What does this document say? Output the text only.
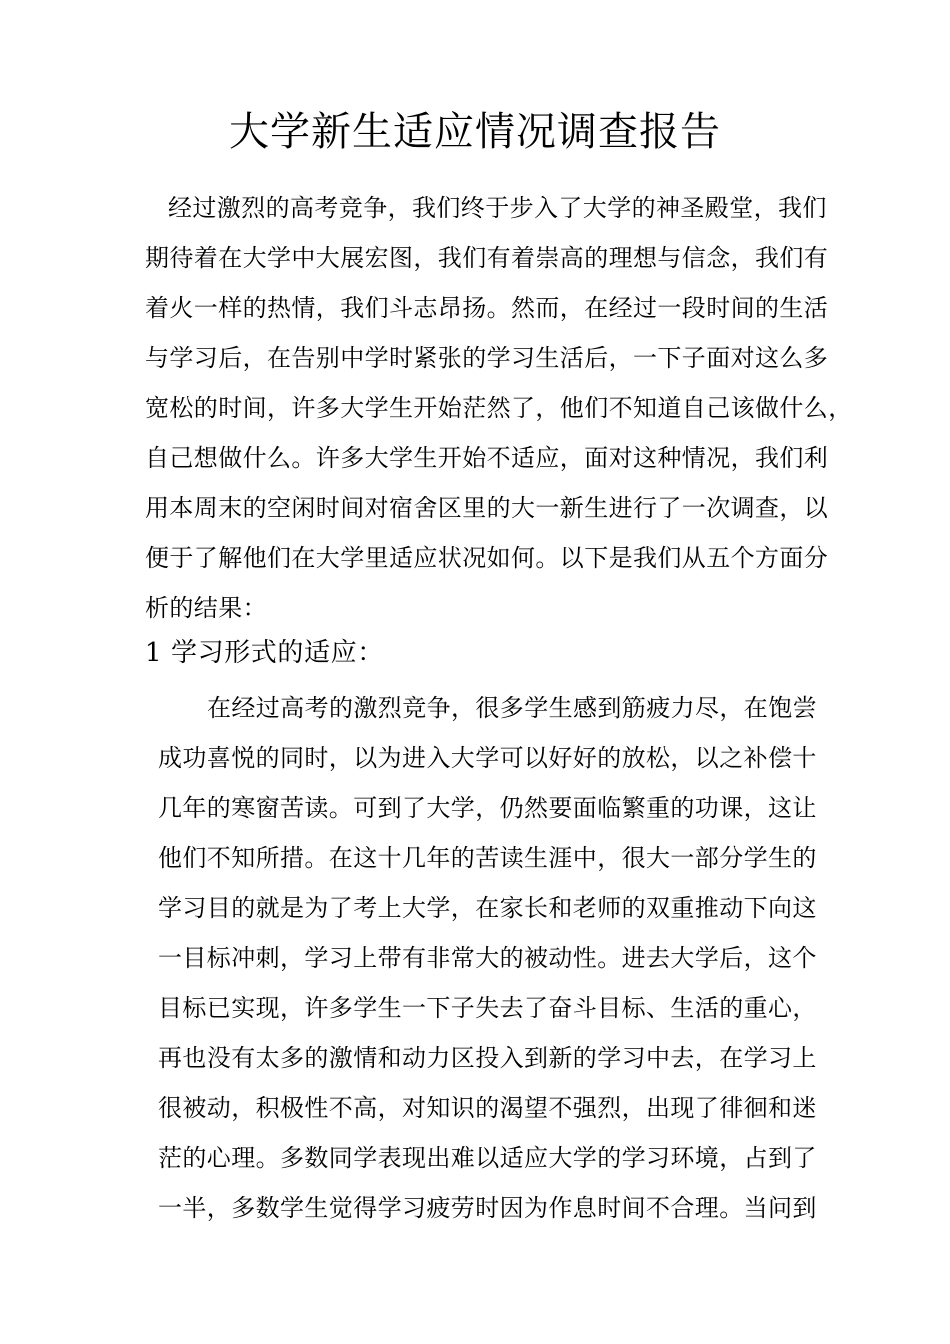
大学新生适应情况调查报告
经过激烈的高考竞争，我们终于步入了大学的神圣殿堂，我们
期待着在大学中大展宏图，我们有着崇高的理想与信念，我们有
着火一样的热情，我们斗志昂扬。然而，在经过一段时间的生活
与学习后，在告别中学时紧张的学习生活后，一下子面对这么多
宽松的时间，许多大学生开始茫然了，他们不知道自己该做什么，
自己想做什么。许多大学生开始不适应，面对这种情况，我们利
用本周末的空闲时间对宿舍区里的大一新生进行了一次调查，以
便于了解他们在大学里适应状况如何。以下是我们从五个方面分
析的结果：
1 学习形式的适应：
在经过高考的激烈竞争，很多学生感到筋疲力尽，在饱尝
成功喜悦的同时，以为进入大学可以好好的放松，以之补偿十
几年的寒窗苦读。可到了大学，仍然要面临繁重的功课，这让
他们不知所措。在这十几年的苦读生涯中，很大一部分学生的
学习目的就是为了考上大学，在家长和老师的双重推动下向这
一目标冲刺，学习上带有非常大的被动性。进去大学后，这个
目标已实现，许多学生一下子失去了奋斗目标、生活的重心，
再也没有太多的激情和动力区投入到新的学习中去，在学习上
很被动，积极性不高，对知识的渴望不强烈，出现了徘徊和迷
茫的心理。多数同学表现出难以适应大学的学习环境，占到了
一半，多数学生觉得学习疲劳时因为作息时间不合理。当问到
